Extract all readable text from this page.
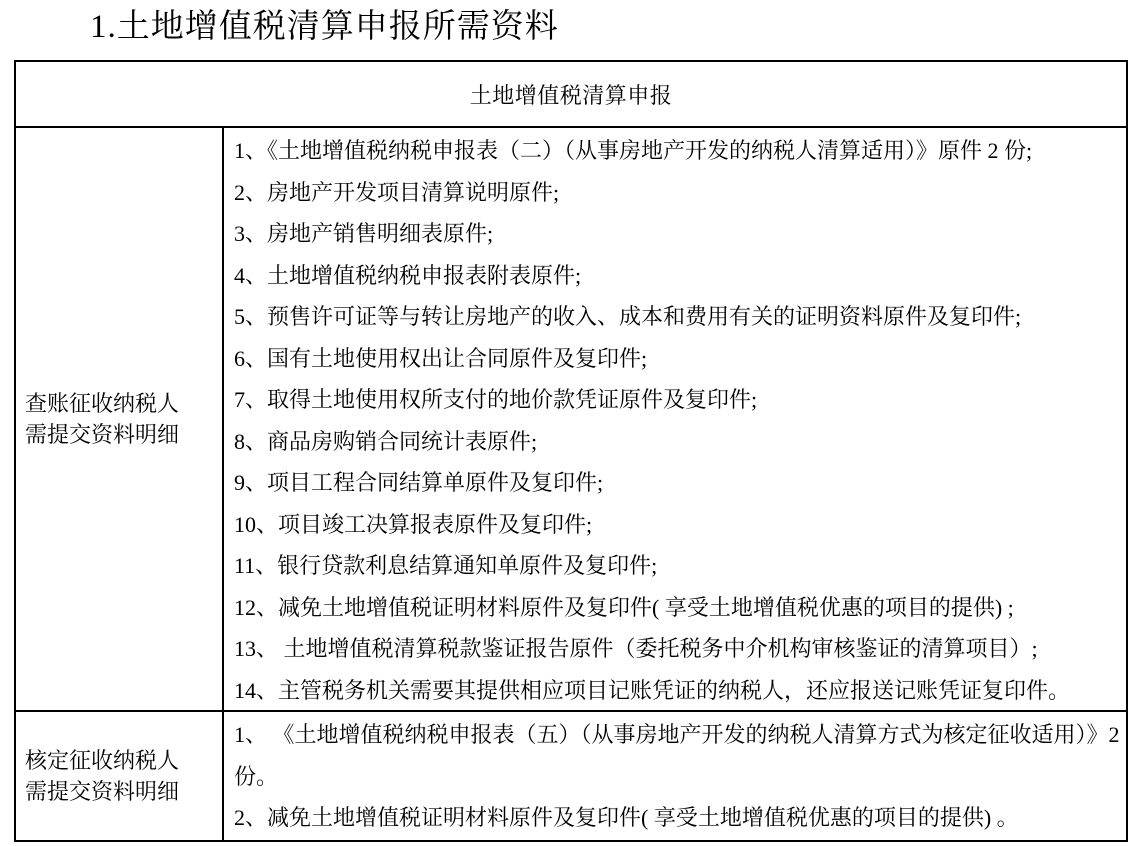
1.土地增值税清算申报所需资料
土地增值税清算申报
查账征收纳税人
需提交资料明细
1、《土地增值税纳税申报表（二）（从事房地产开发的纳税人清算适用）》原件 2 份;
2、房地产开发项目清算说明原件;
3、房地产销售明细表原件;
4、土地增值税纳税申报表附表原件;
5、预售许可证等与转让房地产的收入、成本和费用有关的证明资料原件及复印件;
6、国有土地使用权出让合同原件及复印件;
7、取得土地使用权所支付的地价款凭证原件及复印件;
8、商品房购销合同统计表原件;
9、项目工程合同结算单原件及复印件;
10、项目竣工决算报表原件及复印件;
11、银行贷款利息结算通知单原件及复印件;
12、减免土地增值税证明材料原件及复印件( 享受土地增值税优惠的项目的提供) ;
13、 土地增值税清算税款鉴证报告原件（委托税务中介机构审核鉴证的清算项目）;
14、主管税务机关需要其提供相应项目记账凭证的纳税人，还应报送记账凭证复印件。
核定征收纳税人
需提交资料明细
1、 《土地增值税纳税申报表（五）（从事房地产开发的纳税人清算方式为核定征收适用）》2 份。
2、减免土地增值税证明材料原件及复印件( 享受土地增值税优惠的项目的提供) 。
